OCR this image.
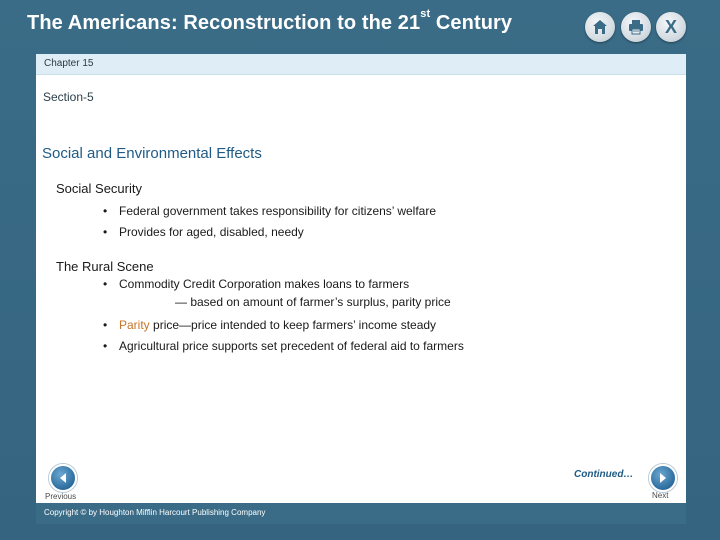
The Americans: Reconstruction to the 21st Century	X
Chapter 15
Section-5
Social and Environmental Effects
Social Security
• Federal government takes responsibility for citizens’ welfare
• Provides for aged, disabled, needy
The Rural Scene
• Commodity Credit Corporation makes loans to farmers
— based on amount of farmer’s surplus, parity price
• Parity price—price intended to keep farmers’ income steady
• Agricultural price supports set precedent of federal aid to farmers
Continued…
Previous	Next
Copyright © by Houghton Mifflin Harcourt Publishing Company
